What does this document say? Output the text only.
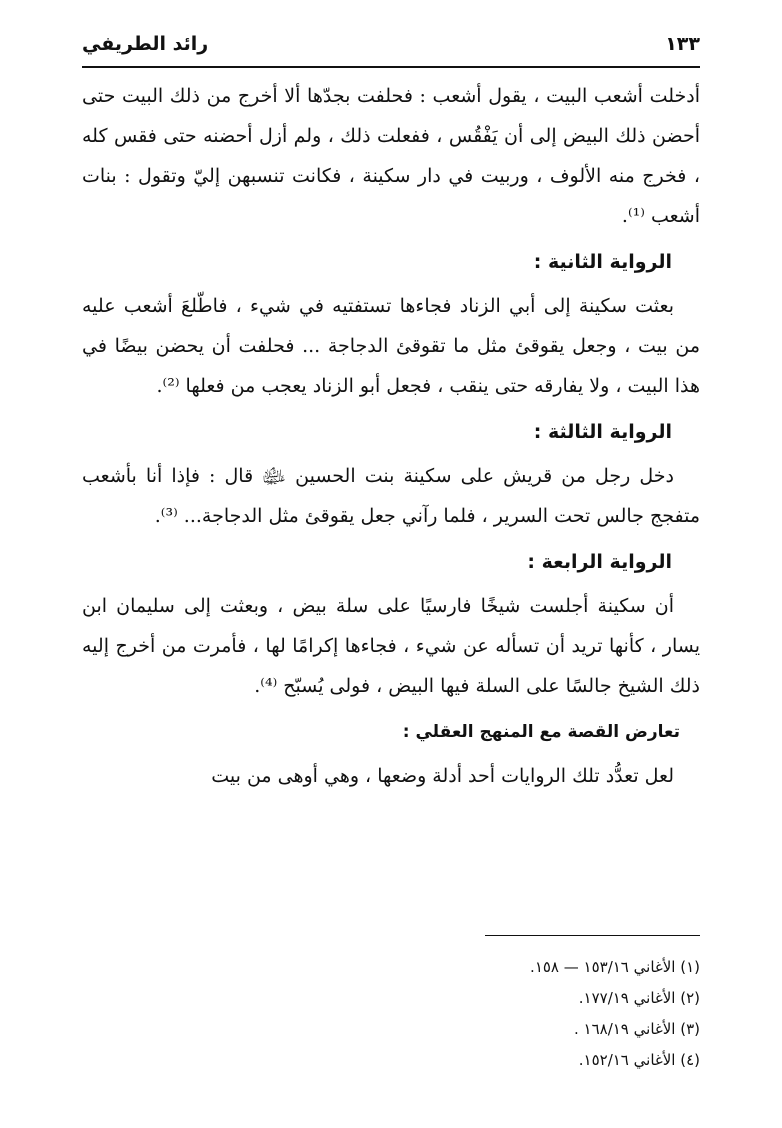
١٣٣
رائد الطريفي

أدخلت أشعب البيت ، يقول أشعب : فحلفت بجدّها ألا أخرج من ذلك البيت حتى أحضن ذلك البيض إلى أن يَفْقُس ، ففعلت ذلك ، ولم أزل أحضنه حتى فقس كله ، فخرج منه الألوف ، وربيت في دار سكينة ، فكانت تنسبهن إليّ وتقول : بنات أشعب ⁽¹⁾.

الرواية الثانية :

بعثت سكينة إلى أبي الزناد فجاءها تستفتيه في شيء ، فاطّلعَ أشعب عليه من بيت ، وجعل يقوقئ مثل ما تقوقئ الدجاجة ... فحلفت أن يحضن بيضًا في هذا البيت ، ولا يفارقه حتى ينقب ، فجعل أبو الزناد يعجب من فعلها ⁽²⁾.

الرواية الثالثة :

دخل رجل من قريش على سكينة بنت الحسين ﵉ قال : فإذا أنا بأشعب متفجج جالس تحت السرير ، فلما رآني جعل يقوقئ مثل الدجاجة... ⁽³⁾.

الرواية الرابعة :

أن سكينة أجلست شيخًا فارسيًا على سلة بيض ، وبعثت إلى سليمان ابن يسار ، كأنها تريد أن تسأله عن شيء ، فجاءها إكرامًا لها ، فأمرت من أخرج إليه ذلك الشيخ جالسًا على السلة فيها البيض ، فولى يُسبّح ⁽⁴⁾.

تعارض القصة مع المنهج العقلي :

لعل تعدُّد تلك الروايات أحد أدلة وضعها ، وهي أوهى من بيت

(١) الأغاني ١٥٣/١٦ — ١٥٨.
(٢) الأغاني ١٧٧/١٩.
(٣) الأغاني ١٦٨/١٩ .
(٤) الأغاني ١٥٢/١٦.
